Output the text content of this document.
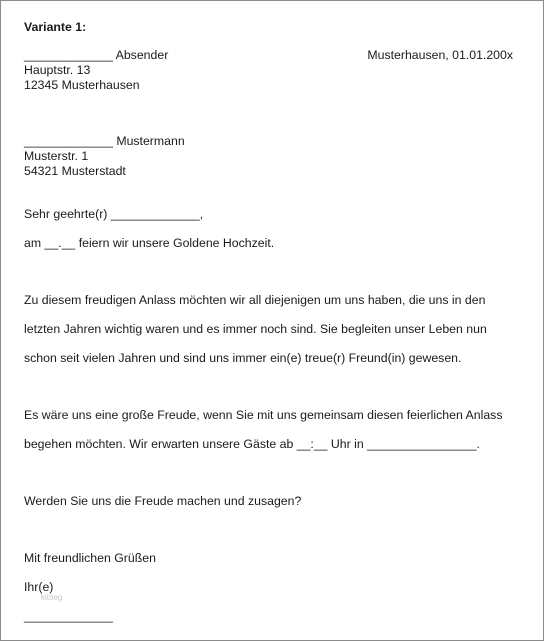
Variante 1:
_____________ Absender
Hauptstr. 13
12345 Musterhausen
Musterhausen, 01.01.200x
_____________ Mustermann
Musterstr. 1
54321 Musterstadt
Sehr geehrte(r) _____________,
am __.__ feiern wir unsere Goldene Hochzeit.
Zu diesem freudigen Anlass möchten wir all diejenigen um uns haben, die uns in den
letzten Jahren wichtig waren und es immer noch sind. Sie begleiten unser Leben nun
schon seit vielen Jahren und sind uns immer ein(e) treue(r) Freund(in) gewesen.
Es wäre uns eine große Freude, wenn Sie mit uns gemeinsam diesen feierlichen Anlass
begehen möchten. Wir erwarten unsere Gäste ab __:__ Uhr in ________________.
Werden Sie uns die Freude machen und zusagen?
Mit freundlichen Grüßen
Ihr(e)
_____________
kitöeg
